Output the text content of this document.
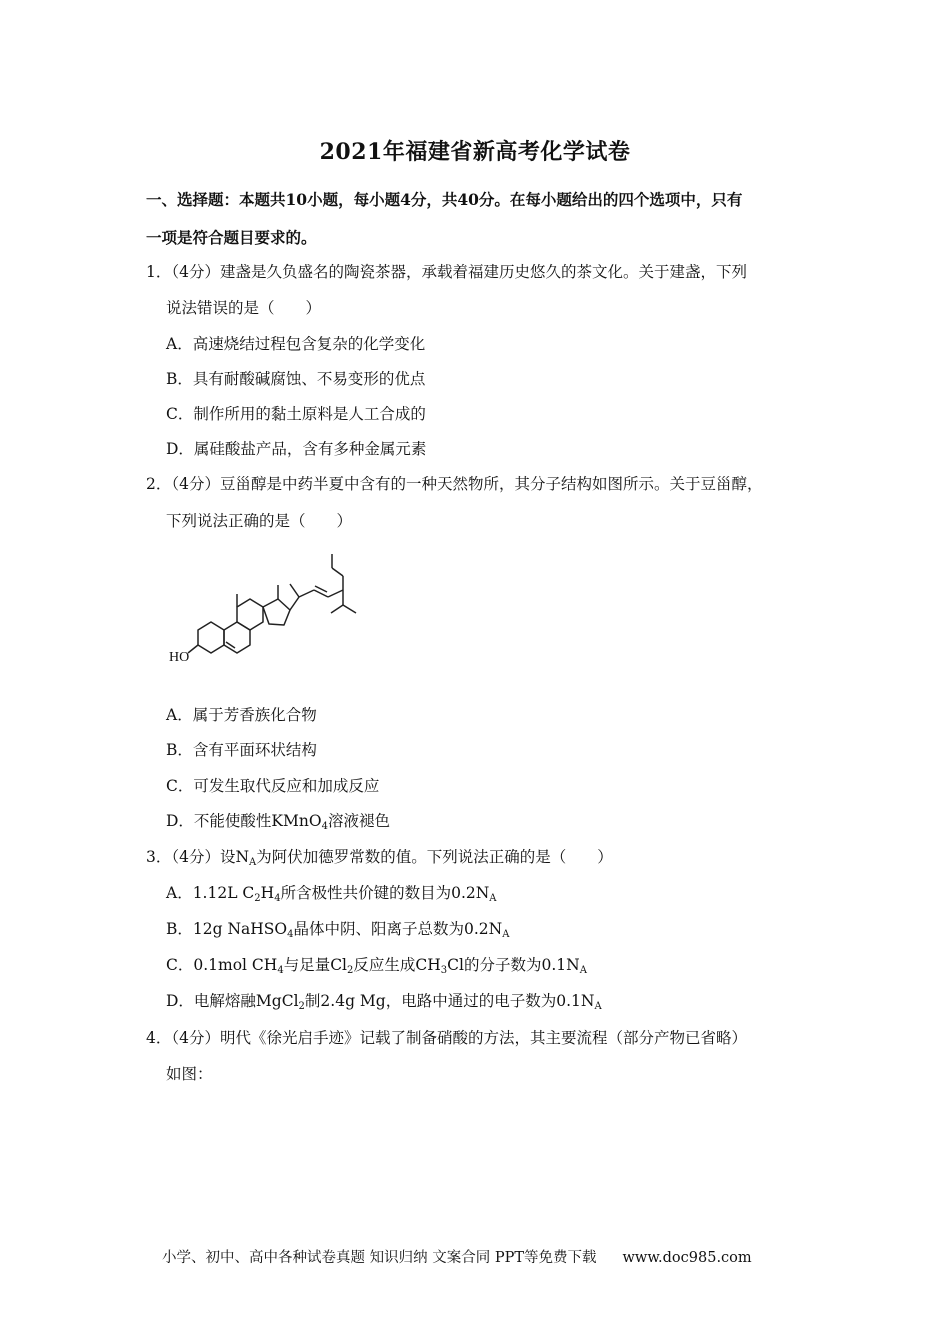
2021年福建省新高考化学试卷
一、选择题：本题共10小题，每小题4分，共40分。在每小题给出的四个选项中，只有
一项是符合题目要求的。
1．（4分）建盏是久负盛名的陶瓷茶器，承载着福建历史悠久的茶文化。关于建盏，下列
说法错误的是（　　）
A．高速烧结过程包含复杂的化学变化
B．具有耐酸碱腐蚀、不易变形的优点
C．制作所用的黏土原料是人工合成的
D．属硅酸盐产品，含有多种金属元素
2．（4分）豆甾醇是中药半夏中含有的一种天然物所，其分子结构如图所示。关于豆甾醇，
下列说法正确的是（　　）
HO
A．属于芳香族化合物
B．含有平面环状结构
C．可发生取代反应和加成反应
D．不能使酸性KMnO$_4$溶液褪色
3．（4分）设$N_A$为阿伏加德罗常数的值。下列说法正确的是（　　）
A．1.12L $C_2H_4$所含极性共价键的数目为$0.2N_A$
B．12g NaHSO$_4$晶体中阴、阳离子总数为$0.2N_A$
C．0.1mol $CH_4$与足量$Cl_2$反应生成$CH_3Cl$的分子数为$0.1N_A$
D．电解熔融MgCl$_2$制2.4g Mg，电路中通过的电子数为$0.1N_A$
4．（4分）明代《徐光启手迹》记载了制备硝酸的方法，其主要流程（部分产物已省略）
如图：
小学、初中、高中各种试卷真题 知识归纳 文案合同 PPT等免费下载 www.doc985.com
